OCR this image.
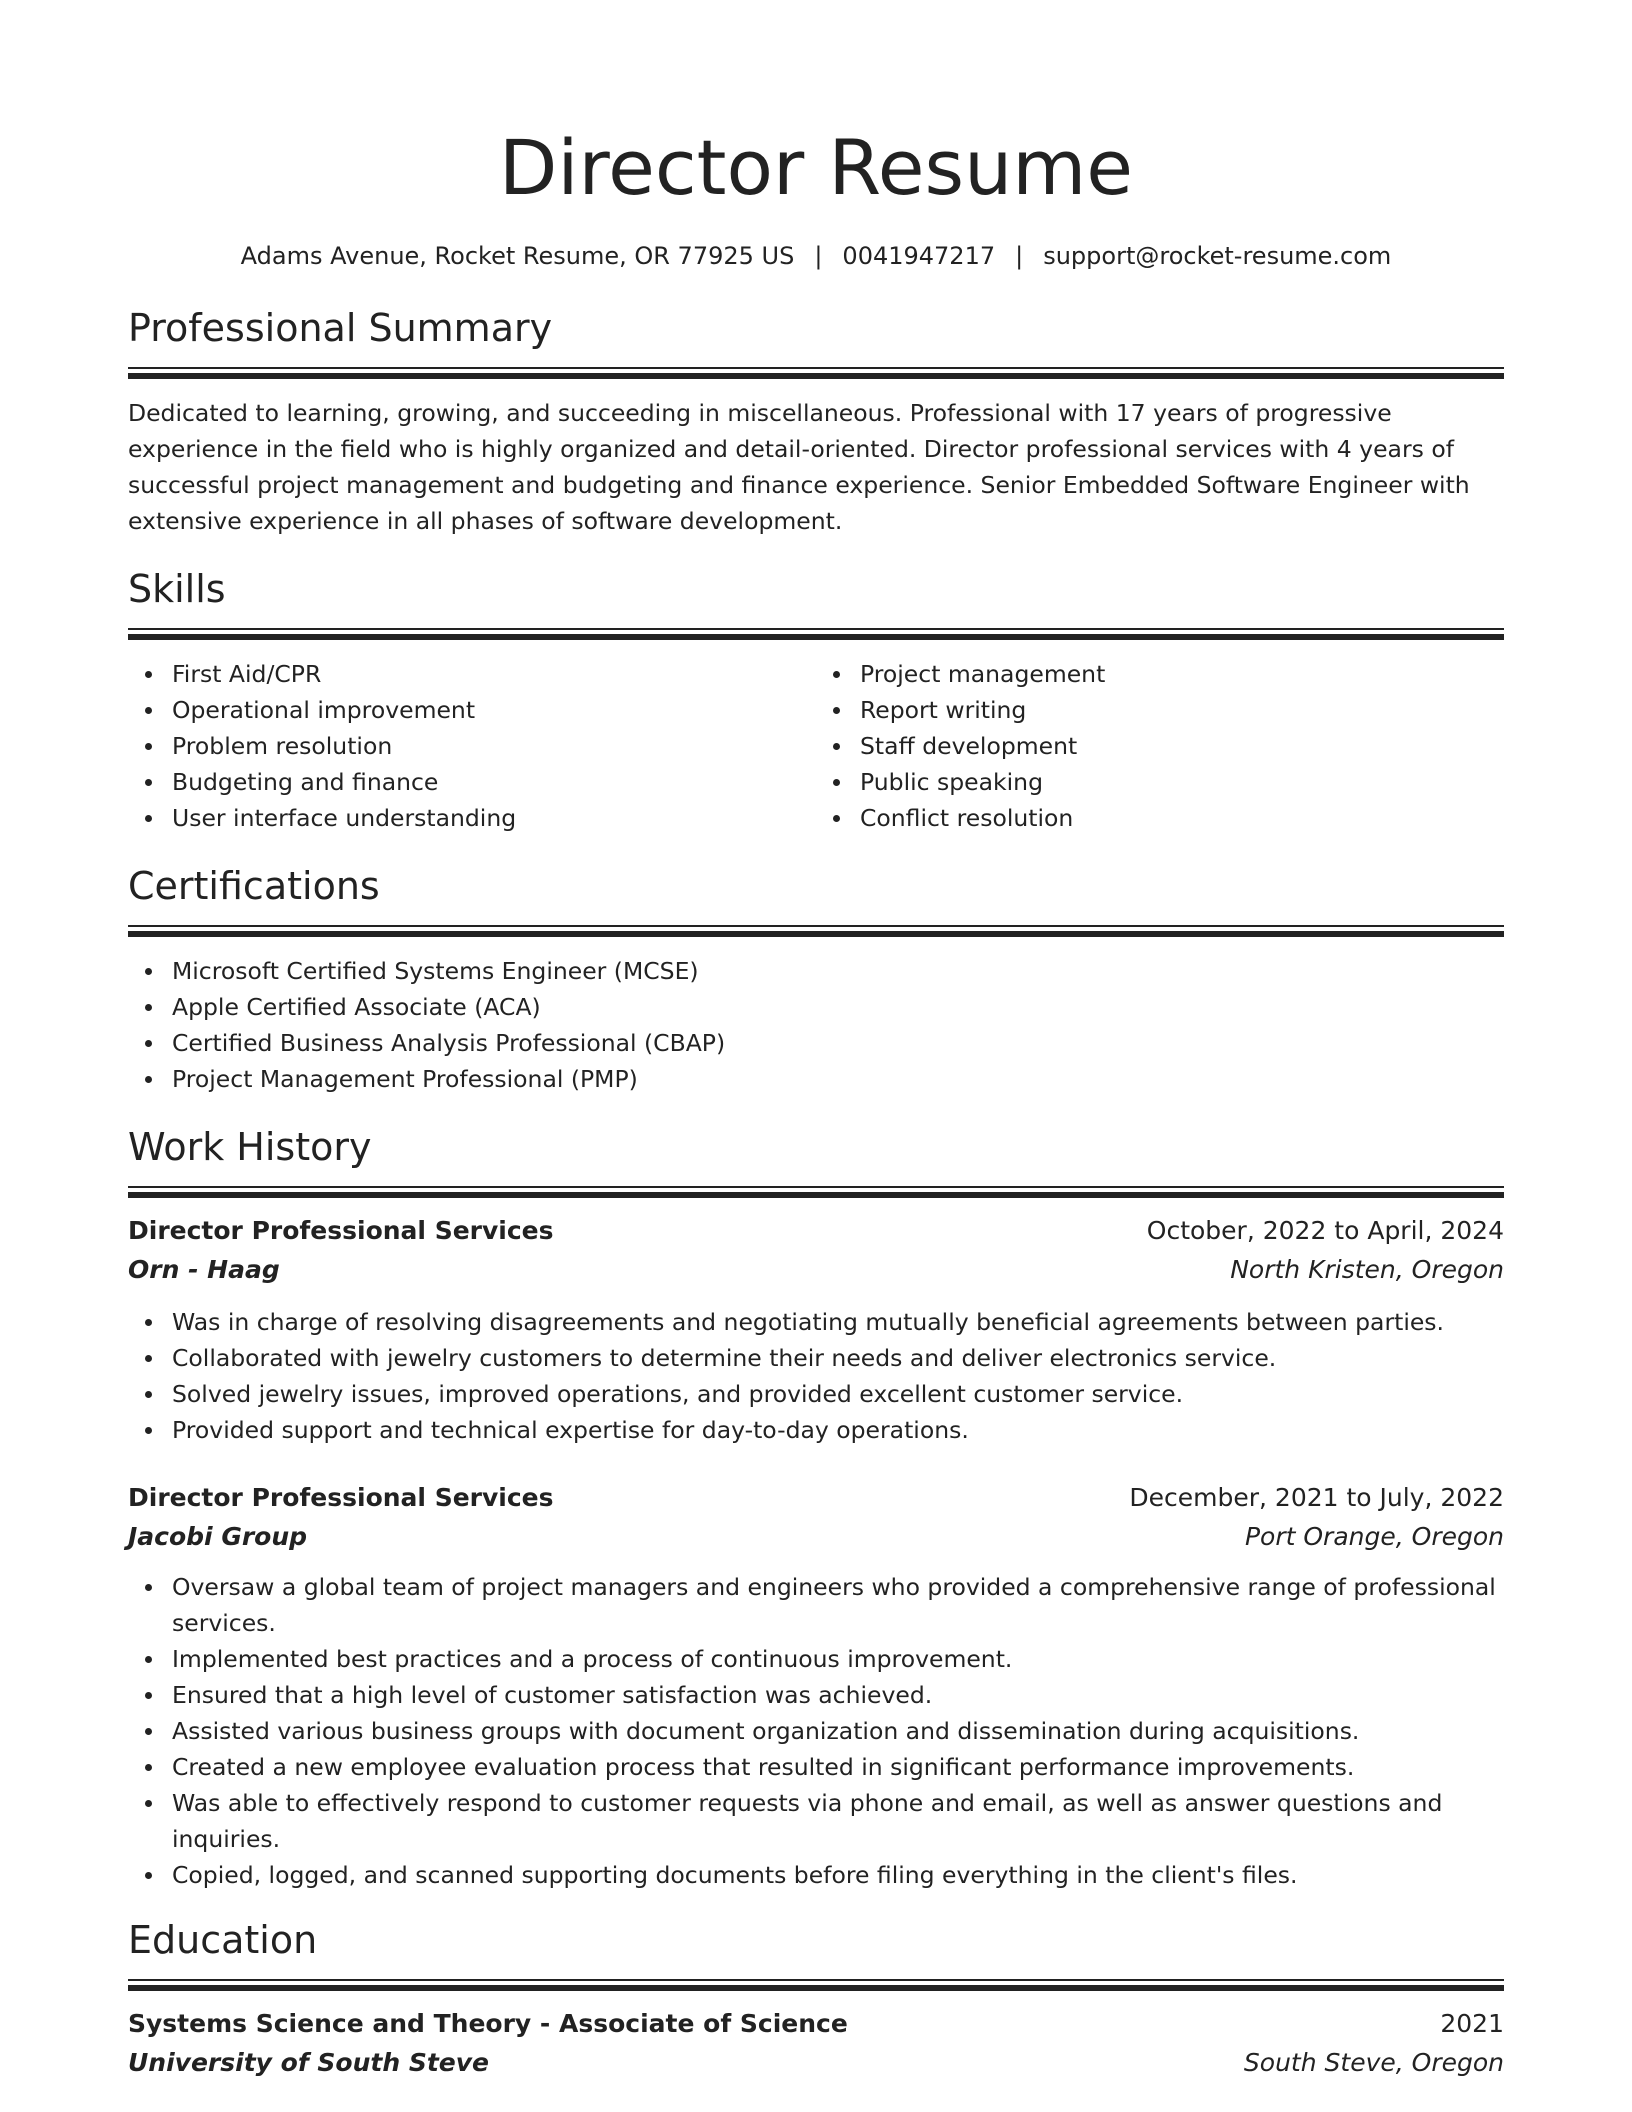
Director Resume
Adams Avenue, Rocket Resume, OR 77925 US | 0041947217 | support@rocket-resume.com
Professional Summary

Dedicated to learning, growing, and succeeding in miscellaneous. Professional with 17 years of progressive experience in the field who is highly organized and detail-oriented. Director professional services with 4 years of successful project management and budgeting and finance experience. Senior Embedded Software Engineer with extensive experience in all phases of software development.

Skills
First Aid/CPR
Operational improvement
Problem resolution
Budgeting and finance
User interface understanding
Project management
Report writing
Staff development
Public speaking
Conflict resolution
Certifications
Microsoft Certified Systems Engineer (MCSE)
Apple Certified Associate (ACA)
Certified Business Analysis Professional (CBAP)
Project Management Professional (PMP)
Work History
Director Professional Services	October, 2022 to April, 2024
Orn - Haag	North Kristen, Oregon
Was in charge of resolving disagreements and negotiating mutually beneficial agreements between parties.
Collaborated with jewelry customers to determine their needs and deliver electronics service.
Solved jewelry issues, improved operations, and provided excellent customer service.
Provided support and technical expertise for day-to-day operations.
Director Professional Services	December, 2021 to July, 2022
Jacobi Group	Port Orange, Oregon
Oversaw a global team of project managers and engineers who provided a comprehensive range of professional services.
Implemented best practices and a process of continuous improvement.
Ensured that a high level of customer satisfaction was achieved.
Assisted various business groups with document organization and dissemination during acquisitions.
Created a new employee evaluation process that resulted in significant performance improvements.
Was able to effectively respond to customer requests via phone and email, as well as answer questions and inquiries.
Copied, logged, and scanned supporting documents before filing everything in the client's files.
Education
Systems Science and Theory - Associate of Science	2021
University of South Steve	South Steve, Oregon
